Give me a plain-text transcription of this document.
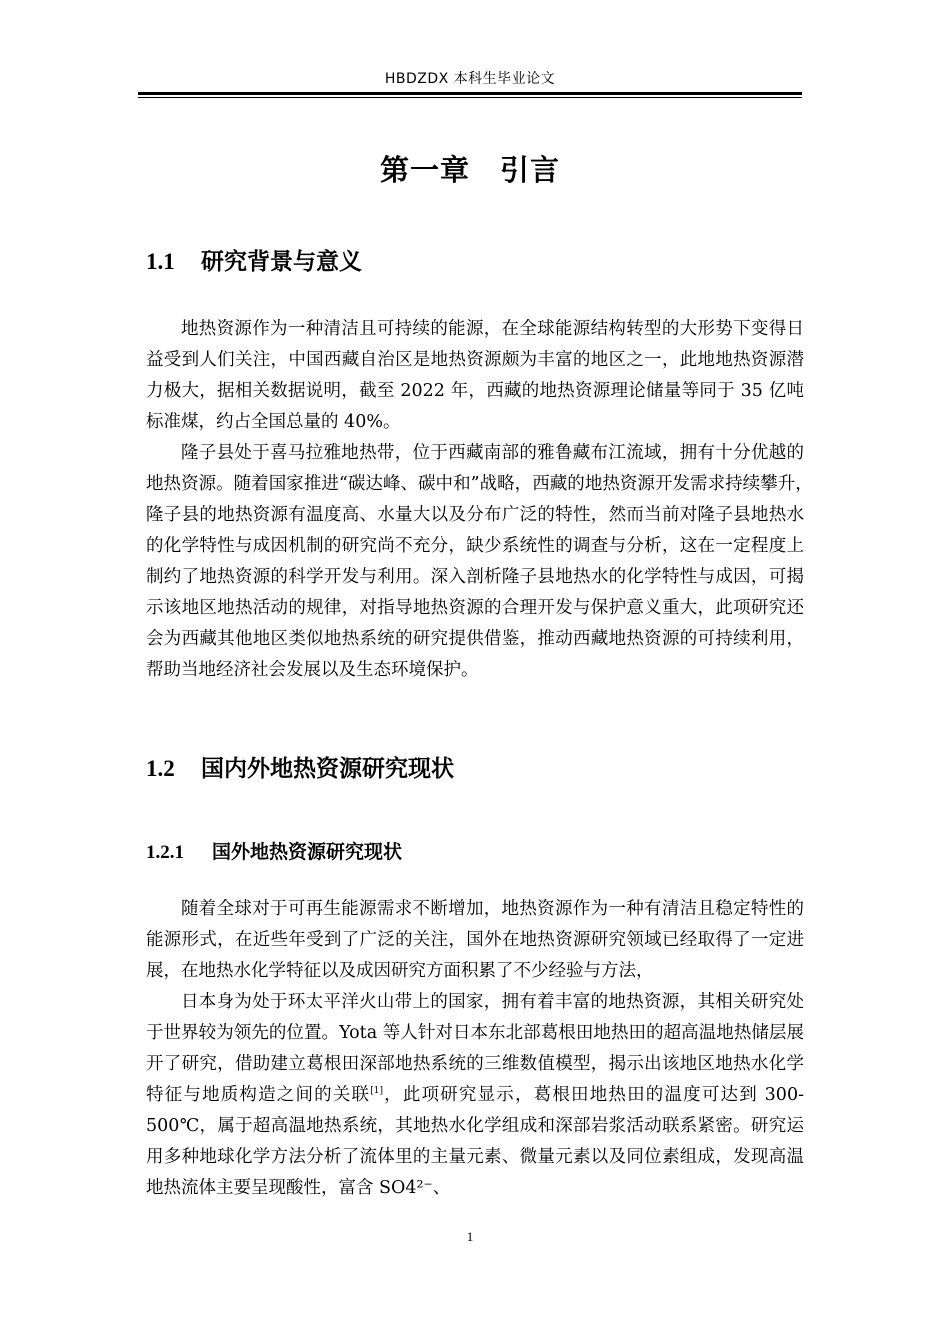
HBDZDX 本科生毕业论文
第一章　引言
1.1 研究背景与意义

地热资源作为一种清洁且可持续的能源，在全球能源结构转型的大形势下变得日益受到人们关注，中国西藏自治区是地热资源颇为丰富的地区之一，此地地热资源潜力极大，据相关数据说明，截至 2022 年，西藏的地热资源理论储量等同于 35 亿吨标准煤，约占全国总量的 40%。

隆子县处于喜马拉雅地热带，位于西藏南部的雅鲁藏布江流域，拥有十分优越的地热资源。随着国家推进“碳达峰、碳中和”战略，西藏的地热资源开发需求持续攀升，　隆子县的地热资源有温度高、水量大以及分布广泛的特性，然而当前对隆子县地热水的化学特性与成因机制的研究尚不充分，缺少系统性的调查与分析，这在一定程度上制约了地热资源的科学开发与利用。深入剖析隆子县地热水的化学特性与成因，可揭示该地区地热活动的规律，对指导地热资源的合理开发与保护意义重大，此项研究还会为西藏其他地区类似地热系统的研究提供借鉴，推动西藏地热资源的可持续利用，帮助当地经济社会发展以及生态环境保护。

1.2 国内外地热资源研究现状
1.2.1 国外地热资源研究现状

随着全球对于可再生能源需求不断增加，地热资源作为一种有清洁且稳定特性的能源形式，在近些年受到了广泛的关注，国外在地热资源研究领域已经取得了一定进展，在地热水化学特征以及成因研究方面积累了不少经验与方法，

日本身为处于环太平洋火山带上的国家，拥有着丰富的地热资源，其相关研究处于世界较为领先的位置。Yota 等人针对日本东北部葛根田地热田的超高温地热储层展开了研究，借助建立葛根田深部地热系统的三维数值模型，揭示出该地区地热水化学特征与地质构造之间的关联[1]，此项研究显示，葛根田地热田的温度可达到 300-500℃，属于超高温地热系统，其地热水化学组成和深部岩浆活动联系紧密。研究运用多种地球化学方法分析了流体里的主量元素、微量元素以及同位素组成，发现高温地热流体主要呈现酸性，富含 SO4²⁻、

1
